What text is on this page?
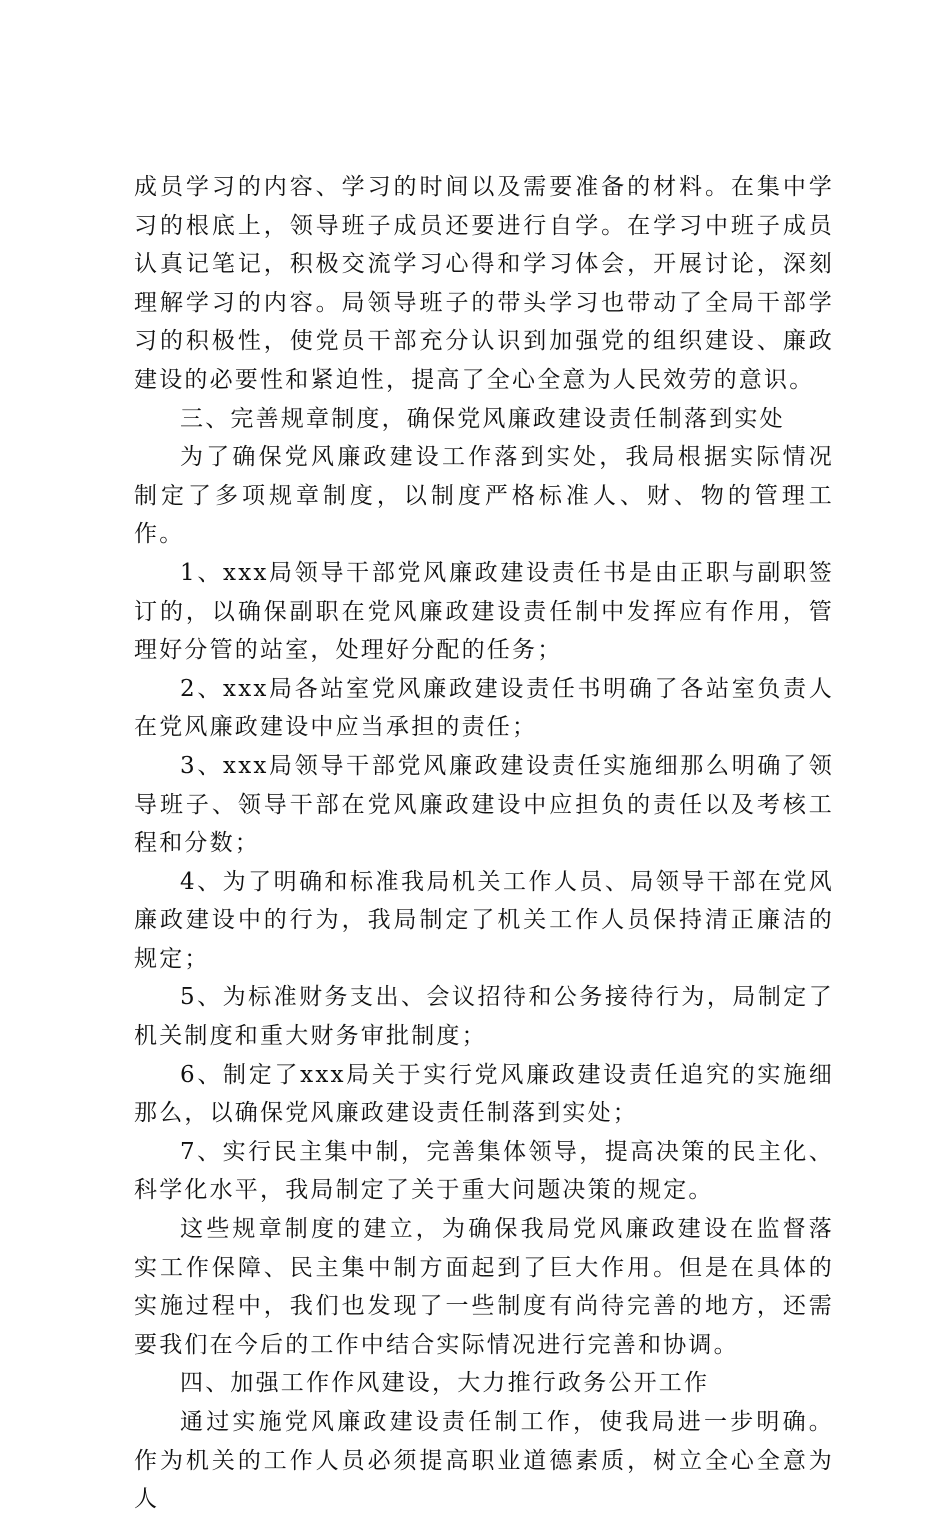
成员学习的内容、学习的时间以及需要准备的材料。在集中学习的根底上，领导班子成员还要进行自学。在学习中班子成员认真记笔记，积极交流学习心得和学习体会，开展讨论，深刻理解学习的内容。局领导班子的带头学习也带动了全局干部学习的积极性，使党员干部充分认识到加强党的组织建设、廉政建设的必要性和紧迫性，提高了全心全意为人民效劳的意识。

三、完善规章制度，确保党风廉政建设责任制落到实处

为了确保党风廉政建设工作落到实处，我局根据实际情况制定了多项规章制度，以制度严格标准人、财、物的管理工作。

1、xxx局领导干部党风廉政建设责任书是由正职与副职签订的，以确保副职在党风廉政建设责任制中发挥应有作用，管理好分管的站室，处理好分配的任务；

2、xxx局各站室党风廉政建设责任书明确了各站室负责人在党风廉政建设中应当承担的责任；

3、xxx局领导干部党风廉政建设责任实施细那么明确了领导班子、领导干部在党风廉政建设中应担负的责任以及考核工程和分数；

4、为了明确和标准我局机关工作人员、局领导干部在党风廉政建设中的行为，我局制定了机关工作人员保持清正廉洁的规定；

5、为标准财务支出、会议招待和公务接待行为，局制定了机关制度和重大财务审批制度；

6、制定了xxx局关于实行党风廉政建设责任追究的实施细那么，以确保党风廉政建设责任制落到实处；

7、实行民主集中制，完善集体领导，提高决策的民主化、科学化水平，我局制定了关于重大问题决策的规定。

这些规章制度的建立，为确保我局党风廉政建设在监督落实工作保障、民主集中制方面起到了巨大作用。但是在具体的实施过程中，我们也发现了一些制度有尚待完善的地方，还需要我们在今后的工作中结合实际情况进行完善和协调。

四、加强工作作风建设，大力推行政务公开工作

通过实施党风廉政建设责任制工作，使我局进一步明确。作为机关的工作人员必须提高职业道德素质，树立全心全意为人
